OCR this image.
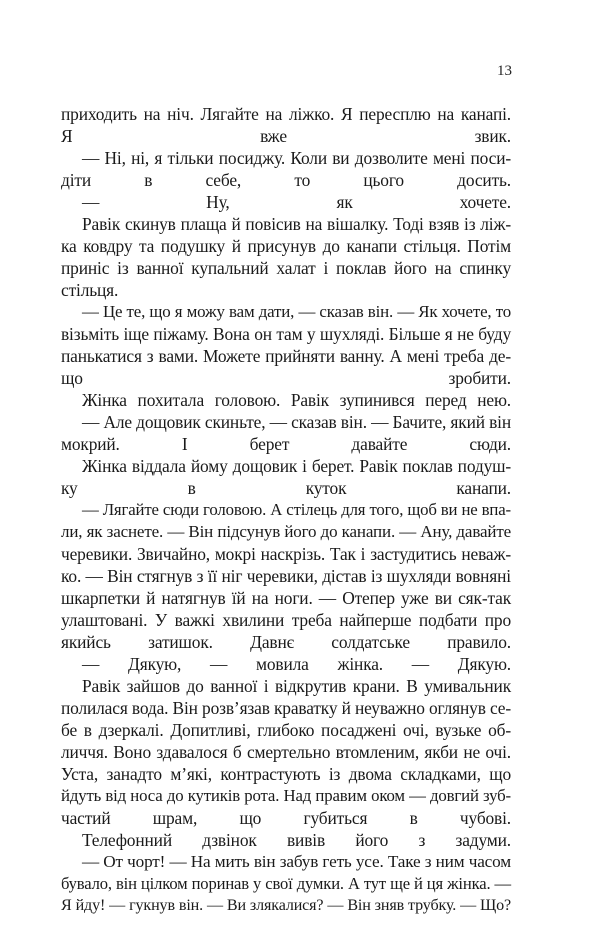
13
приходить на ніч. Лягайте на ліжко. Я пересплю на канапі.
Я вже звик.
— Ні, ні, я тільки посиджу. Коли ви дозволите мені поси-
діти в себе, то цього досить.
— Ну, як хочете.
Равік скинув плаща й повісив на вішалку. Тоді взяв із ліж-
ка ковдру та подушку й присунув до канапи стільця. Потім
приніс із ванної купальний халат і поклав його на спинку
стільця.
— Це те, що я можу вам дати, — сказав він. — Як хочете, то
візьміть іще піжаму. Вона он там у шухляді. Більше я не буду
панькатися з вами. Можете прийняти ванну. А мені треба де-
що зробити.
Жінка похитала головою. Равік зупинився перед нею.
— Але дощовик скиньте, — сказав він. — Бачите, який він
мокрий. І берет давайте сюди.
Жінка віддала йому дощовик і берет. Равік поклав подуш-
ку в куток канапи.
— Лягайте сюди головою. А стілець для того, щоб ви не впа-
ли, як заснете. — Він підсунув його до канапи. — Ану, давайте
черевики. Звичайно, мокрі наскрізь. Так і застудитись неваж-
ко. — Він стягнув з її ніг черевики, дістав із шухляди вовняні
шкарпетки й натягнув їй на ноги. — Отепер уже ви сяк-так
улаштовані. У важкі хвилини треба найперше подбати про
якийсь затишок. Давнє солдатське правило.
— Дякую, — мовила жінка. — Дякую.
Равік зайшов до ванної і відкрутив крани. В умивальник
полилася вода. Він розв’язав краватку й неуважно оглянув се-
бе в дзеркалі. Допитливі, глибоко посаджені очі, вузьке об-
личчя. Воно здавалося б смертельно втомленим, якби не очі.
Уста, занадто м’які, контрастують із двома складками, що
йдуть від носа до кутиків рота. Над правим оком — довгий зуб-
частий шрам, що губиться в чубові.
Телефонний дзвінок вивів його з задуми.
— От чорт! — На мить він забув геть усе. Таке з ним часом
бувало, він цілком поринав у свої думки. А тут ще й ця жінка. —
Я йду! — гукнув він. — Ви злякалися? — Він зняв трубку. — Що?
